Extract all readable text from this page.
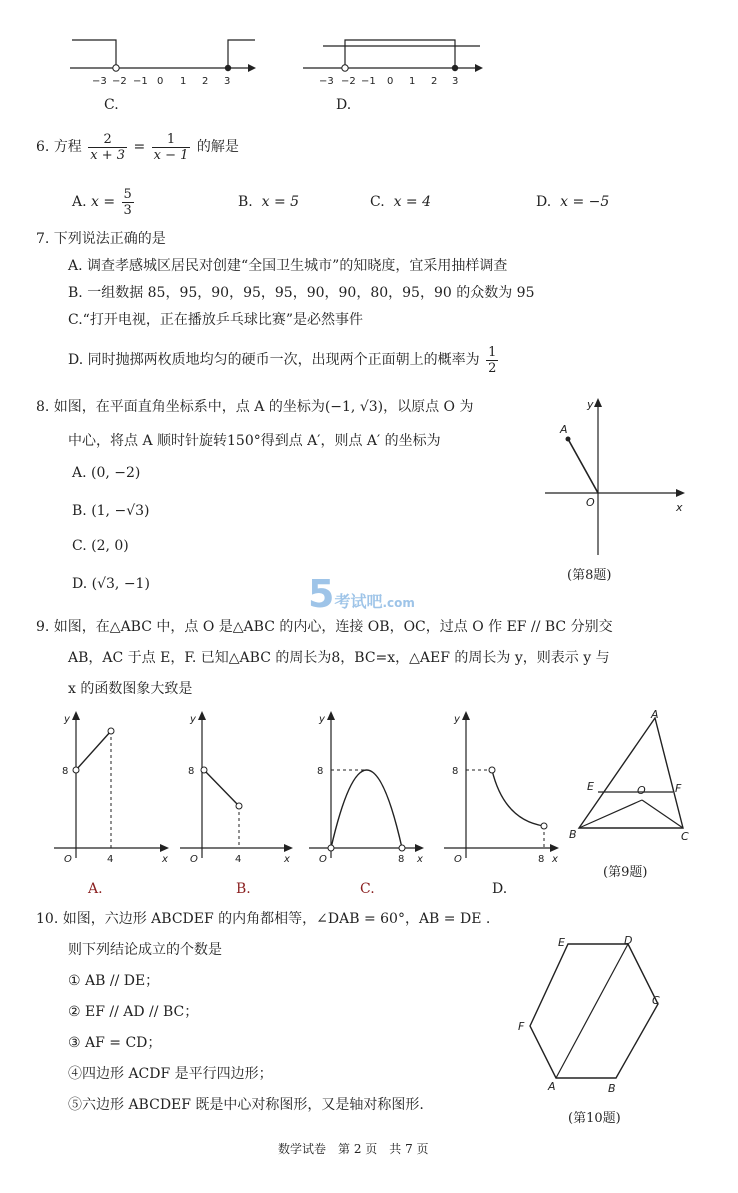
−3 −2 −1 0 1 2 3
C.
−3 −2 −1 0 1 2 3
D.
6. 方程 $\frac{2}{x + 3} = \frac{1}{x - 1}$ 的解是
A. $x = \frac{5}{3}$	B. x = 5	C. x = 4	D. x = −5
7. 下列说法正确的是
A. 调查孝感城区居民对创建“全国卫生城市”的知晓度，宜采用抽样调查
B. 一组数据 85，95，90，95，95，90，90，80，95，90 的众数为 95
C.“打开电视，正在播放乒乓球比赛”是必然事件
D. 同时抛掷两枚质地均匀的硬币一次，出现两个正面朝上的概率为 $\frac{1}{2}$
8. 如图，在平面直角坐标系中，点 A 的坐标为(−1, √3)，以原点 O 为
中心，将点 A 顺时针旋转150°得到点 A′，则点 A′ 的坐标为
A. (0, −2)
B. (1, −√3)
C. (2, 0)
D. (√3, −1)
y
x
O
A
(第8题)
5考试吧.com
9. 如图，在△ABC 中，点 O 是△ABC 的内心，连接 OB，OC，过点 O 作 EF // BC 分别交
AB，AC 于点 E，F. 已知△ABC 的周长为8，BC=x，△AEF 的周长为 y，则表示 y 与
x 的函数图象大致是
y
x
O
8
4
A.
y
x
O
8
4
B.
y
x
O
8
8
C.
y
x
O
8
8
D.
A
E	O	F
B	C
(第9题)
10. 如图，六边形 ABCDEF 的内角都相等，∠DAB = 60°，AB = DE .
则下列结论成立的个数是
① AB // DE；
② EF // AD // BC；
③ AF = CD；
④四边形 ACDF 是平行四边形；
⑤六边形 ABCDEF 既是中心对称图形，又是轴对称图形.
E	D
C
F
A	B
(第10题)
数学试卷　第 2 页　共 7 页
